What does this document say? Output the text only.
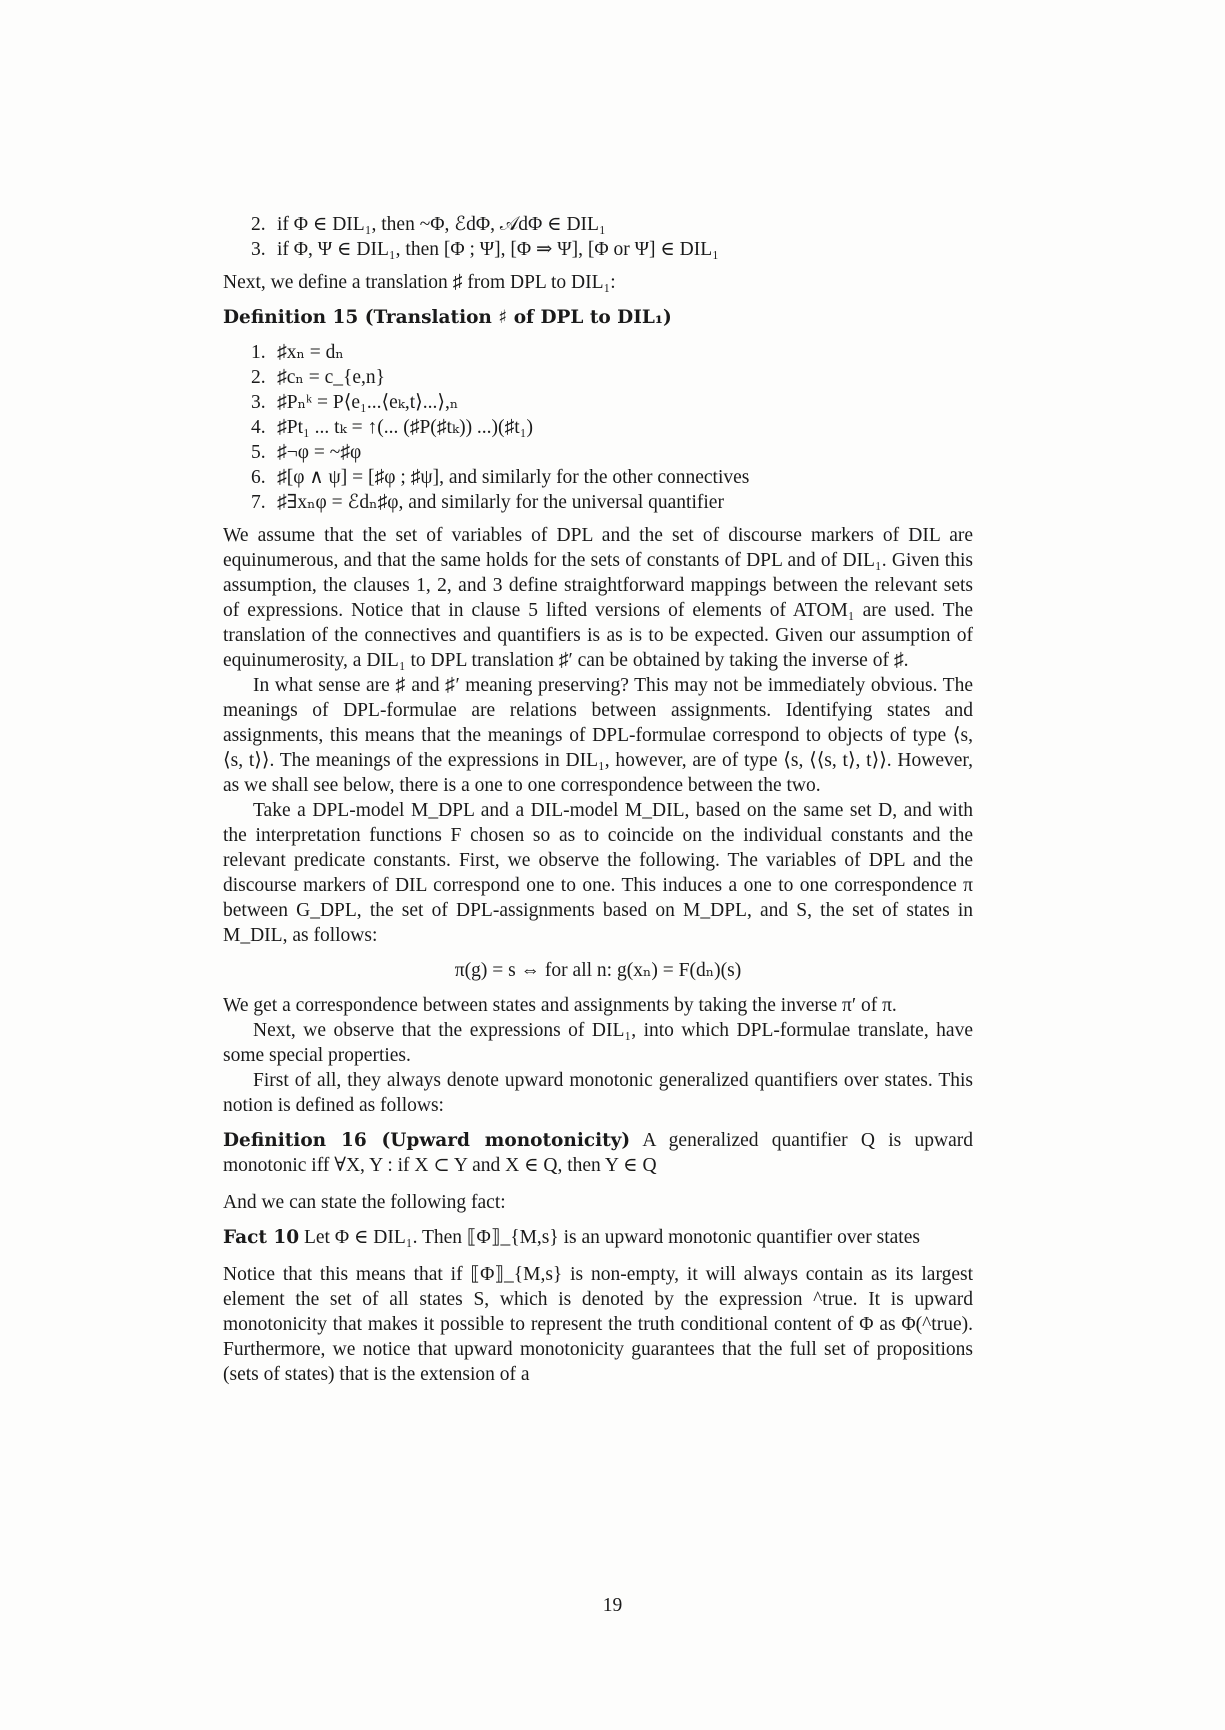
2. if Φ ∈ DIL₁, then ~Φ, ℰdΦ, 𝒜dΦ ∈ DIL₁
3. if Φ, Ψ ∈ DIL₁, then [Φ ; Ψ], [Φ ⇒ Ψ], [Φ or Ψ] ∈ DIL₁

Next, we define a translation ♯ from DPL to DIL₁:

Definition 15 (Translation ♯ of DPL to DIL₁)
1. ♯xₙ = dₙ
2. ♯cₙ = c_{e,n}
3. ♯Pₙᵏ = P⟨e₁...⟨eₖ,t⟩...⟩,ₙ
4. ♯Pt₁ ... tₖ = ↑(... (♯P(♯tₖ)) ...)(♯t₁)
5. ♯¬φ = ~♯φ
6. ♯[φ ∧ ψ] = [♯φ ; ♯ψ], and similarly for the other connectives
7. ♯∃xₙφ = ℰdₙ♯φ, and similarly for the universal quantifier

We assume that the set of variables of DPL and the set of discourse markers of DIL are equinumerous, and that the same holds for the sets of constants of DPL and of DIL₁. Given this assumption, the clauses 1, 2, and 3 define straightforward mappings between the relevant sets of expressions. Notice that in clause 5 lifted versions of elements of ATOM₁ are used. The translation of the connectives and quantifiers is as is to be expected. Given our assumption of equinumerosity, a DIL₁ to DPL translation ♯′ can be obtained by taking the inverse of ♯.

In what sense are ♯ and ♯′ meaning preserving? This may not be immediately obvious. The meanings of DPL-formulae are relations between assignments. Identifying states and assignments, this means that the meanings of DPL-formulae correspond to objects of type ⟨s, ⟨s, t⟩⟩. The meanings of the expressions in DIL₁, however, are of type ⟨s, ⟨⟨s, t⟩, t⟩⟩. However, as we shall see below, there is a one to one correspondence between the two.

Take a DPL-model M_DPL and a DIL-model M_DIL, based on the same set D, and with the interpretation functions F chosen so as to coincide on the individual constants and the relevant predicate constants. First, we observe the following. The variables of DPL and the discourse markers of DIL correspond one to one. This induces a one to one correspondence π between G_DPL, the set of DPL-assignments based on M_DPL, and S, the set of states in M_DIL, as follows:

π(g) = s ⇔ for all n: g(xₙ) = F(dₙ)(s)

We get a correspondence between states and assignments by taking the inverse π′ of π.

Next, we observe that the expressions of DIL₁, into which DPL-formulae translate, have some special properties.

First of all, they always denote upward monotonic generalized quantifiers over states. This notion is defined as follows:

Definition 16 (Upward monotonicity) A generalized quantifier Q is upward monotonic iff ∀X, Y : if X ⊂ Y and X ∈ Q, then Y ∈ Q

And we can state the following fact:

Fact 10 Let Φ ∈ DIL₁. Then ⟦Φ⟧_{M,s} is an upward monotonic quantifier over states

Notice that this means that if ⟦Φ⟧_{M,s} is non-empty, it will always contain as its largest element the set of all states S, which is denoted by the expression ^true. It is upward monotonicity that makes it possible to represent the truth conditional content of Φ as Φ(^true). Furthermore, we notice that upward monotonicity guarantees that the full set of propositions (sets of states) that is the extension of a

19
